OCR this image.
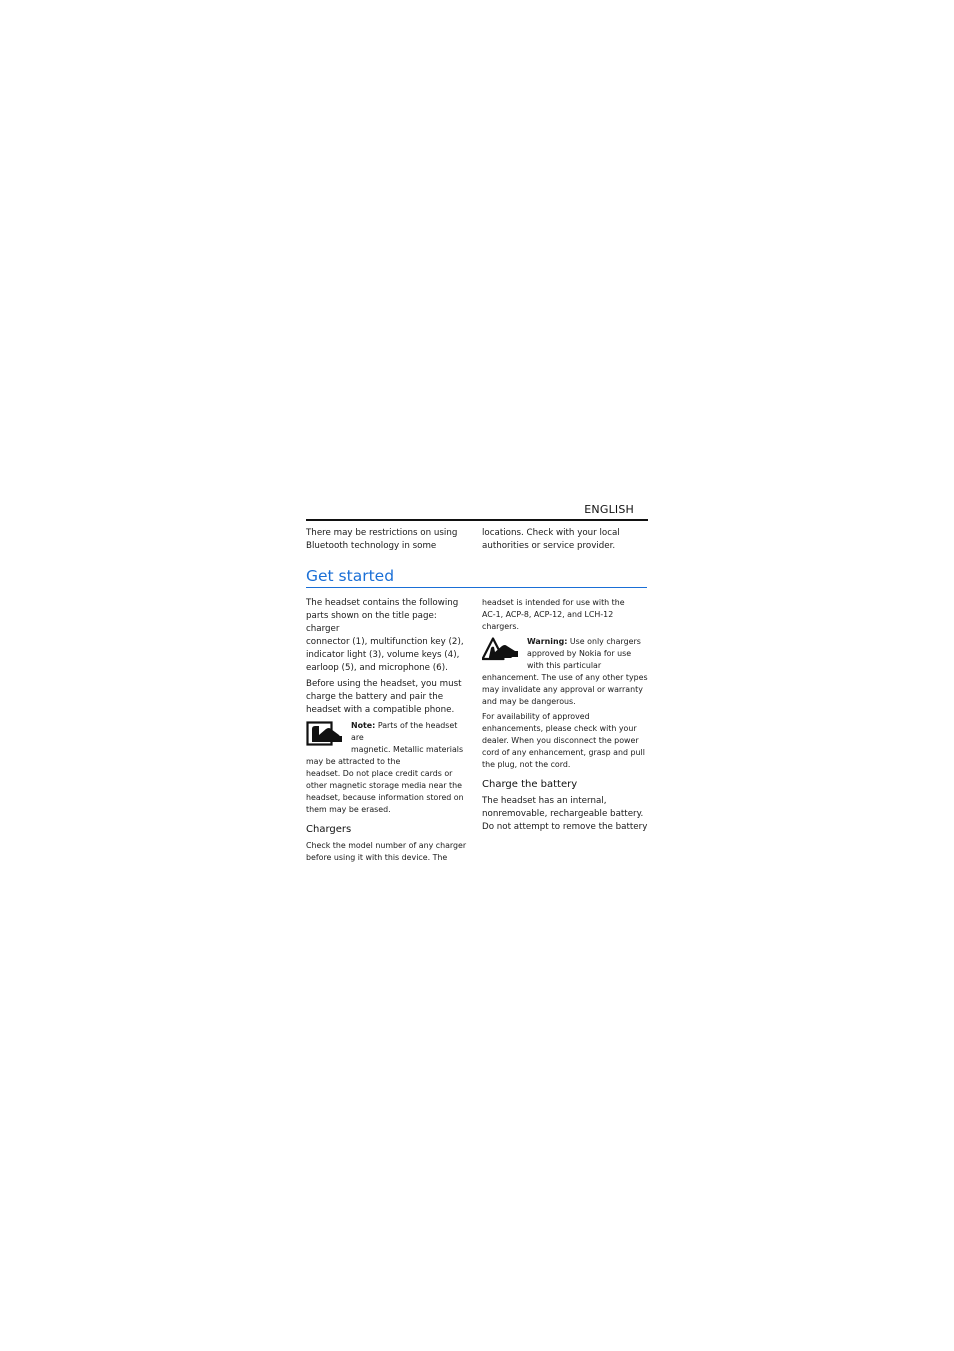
ENGLISH

There may be restrictions on using

Bluetooth technology in some

locations. Check with your local

authorities or service provider.

Get started

The headset contains the following
parts shown on the title page: charger
connector (1), multifunction key (2),
indicator light (3), volume keys (4),
earloop (5), and microphone (6).

Before using the headset, you must
charge the battery and pair the
headset with a compatible phone.

Note: Parts of the headset are
magnetic. Metallic materials
may be attracted to the
headset. Do not place credit cards or
other magnetic storage media near the
headset, because information stored on
them may be erased.
Chargers

Check the model number of any charger
before using it with this device. The

headset is intended for use with the
AC-1, ACP-8, ACP-12, and LCH-12
chargers.

Warning: Use only chargers
approved by Nokia for use
with this particular
enhancement. The use of any other types
may invalidate any approval or warranty
and may be dangerous.

For availability of approved
enhancements, please check with your
dealer. When you disconnect the power
cord of any enhancement, grasp and pull
the plug, not the cord.

Charge the battery

The headset has an internal,
nonremovable, rechargeable battery.
Do not attempt to remove the battery
